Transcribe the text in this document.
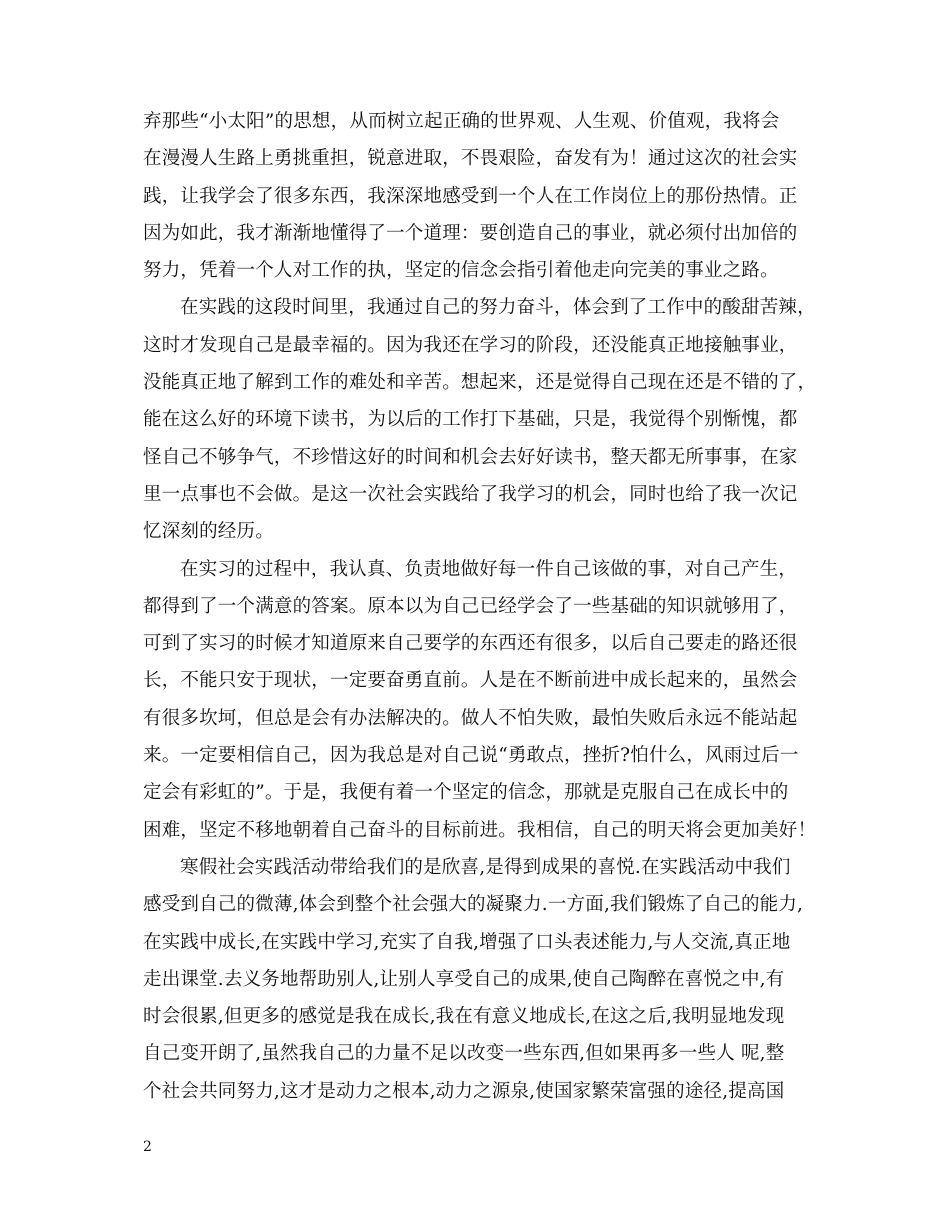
弃那些“小太阳”的思想，从而树立起正确的世界观、人生观、价值观，我将会
在漫漫人生路上勇挑重担，锐意进取，不畏艰险，奋发有为！通过这次的社会实
践，让我学会了很多东西，我深深地感受到一个人在工作岗位上的那份热情。正
因为如此，我才渐渐地懂得了一个道理：要创造自己的事业，就必须付出加倍的
努力，凭着一个人对工作的执，坚定的信念会指引着他走向完美的事业之路。
在实践的这段时间里，我通过自己的努力奋斗，体会到了工作中的酸甜苦辣，
这时才发现自己是最幸福的。因为我还在学习的阶段，还没能真正地接触事业，
没能真正地了解到工作的难处和辛苦。想起来，还是觉得自己现在还是不错的了，
能在这么好的环境下读书，为以后的工作打下基础，只是，我觉得个别惭愧，都
怪自己不够争气，不珍惜这好的时间和机会去好好读书，整天都无所事事，在家
里一点事也不会做。是这一次社会实践给了我学习的机会，同时也给了我一次记
忆深刻的经历。
在实习的过程中，我认真、负责地做好每一件自己该做的事，对自己产生，
都得到了一个满意的答案。原本以为自己已经学会了一些基础的知识就够用了，
可到了实习的时候才知道原来自己要学的东西还有很多，以后自己要走的路还很
长，不能只安于现状，一定要奋勇直前。人是在不断前进中成长起来的，虽然会
有很多坎坷，但总是会有办法解决的。做人不怕失败，最怕失败后永远不能站起
来。一定要相信自己，因为我总是对自己说“勇敢点，挫折?怕什么，风雨过后一
定会有彩虹的”。于是，我便有着一个坚定的信念，那就是克服自己在成长中的
困难，坚定不移地朝着自己奋斗的目标前进。我相信，自己的明天将会更加美好！
寒假社会实践活动带给我们的是欣喜,是得到成果的喜悦.在实践活动中我们
感受到自己的微薄,体会到整个社会强大的凝聚力.一方面,我们锻炼了自己的能力,
在实践中成长,在实践中学习,充实了自我,增强了口头表述能力,与人交流,真正地
走出课堂.去义务地帮助别人,让别人享受自己的成果,使自己陶醉在喜悦之中,有
时会很累,但更多的感觉是我在成长,我在有意义地成长,在这之后,我明显地发现
自己变开朗了,虽然我自己的力量不足以改变一些东西,但如果再多一些人 呢,整
个社会共同努力,这才是动力之根本,动力之源泉,使国家繁荣富强的途径,提高国
2
